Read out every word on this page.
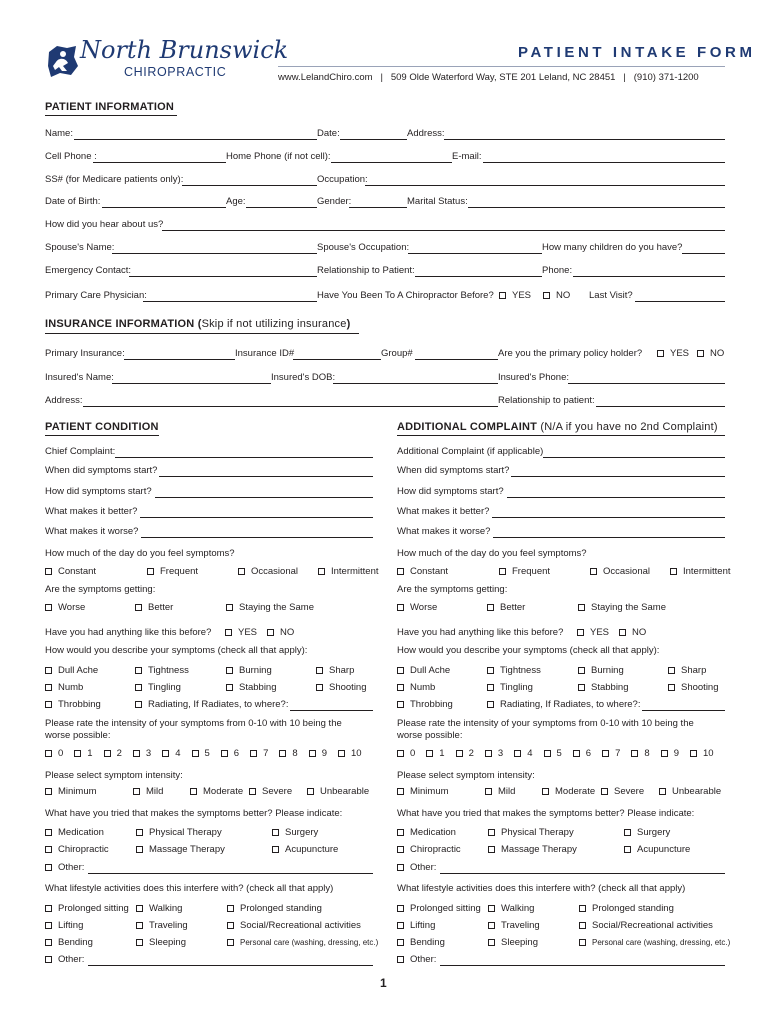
North Brunswick
CHIROPRACTIC
PATIENT INTAKE FORM
www.LelandChiro.com | 509 Olde Waterford Way, STE 201 Leland, NC 28451 | (910) 371-1200
PATIENT INFORMATION
Name:	Date:	Address:
Cell Phone :	Home Phone (if not cell):	E-mail:
SS# (for Medicare patients only):	Occupation:
Date of Birth:	Age:	Gender:	Marital Status:
How did you hear about us?
Spouse's Name:	Spouse's Occupation:	How many children do you have?
Emergency Contact:	Relationship to Patient:	Phone:
Primary Care Physician:	Have You Been To A Chiropractor Before?	YES	NO Last Visit?
INSURANCE INFORMATION (Skip if not utilizing insurance)
Primary Insurance:	Insurance ID#	Group#	Are you the primary policy holder?	YES	NO
Insured's Name:	Insured's DOB:	Insured's Phone:
Address:	Relationship to patient:
PATIENT CONDITION
Chief Complaint:
When did symptoms start?
How did symptoms start?
What makes it better?
What makes it worse?
How much of the day do you feel symptoms?
Constant	Frequent	Occasional	Intermittent
Are the symptoms getting:
Worse	Better	Staying the Same
Have you had anything like this before?	YES	NO
How would you describe your symptoms (check all that apply):
Dull Ache	Tightness	Burning	Sharp
Numb	Tingling	Stabbing	Shooting
Throbbing	Radiating, If Radiates, to where?:
Please rate the intensity of your symptoms from 0-10 with 10 being the
worse possible:
0	1	2	3	4	5	6	7	8	9	10
Please select symptom intensity:
Minimum	Mild	Moderate	Severe	Unbearable
What have you tried that makes the symptoms better? Please indicate:
Medication	Physical Therapy	Surgery
Chiropractic	Massage Therapy	Acupuncture
Other:
What lifestyle activities does this interfere with? (check all that apply)
Prolonged sitting	Walking	Prolonged standing
Lifting	Traveling	Social/Recreational activities
Bending	Sleeping	Personal care (washing, dressing, etc.)
Other:
ADDITIONAL COMPLAINT (N/A if you have no 2nd Complaint)
Additional Complaint (if applicable)
When did symptoms start?
How did symptoms start?
What makes it better?
What makes it worse?
How much of the day do you feel symptoms?
Constant	Frequent	Occasional	Intermittent
Are the symptoms getting:
Worse	Better	Staying the Same
Have you had anything like this before?	YES	NO
How would you describe your symptoms (check all that apply):
Dull Ache	Tightness	Burning	Sharp
Numb	Tingling	Stabbing	Shooting
Throbbing	Radiating, If Radiates, to where?:
Please rate the intensity of your symptoms from 0-10 with 10 being the
worse possible:
0	1	2	3	4	5	6	7	8	9	10
Please select symptom intensity:
Minimum	Mild	Moderate	Severe	Unbearable
What have you tried that makes the symptoms better? Please indicate:
Medication	Physical Therapy	Surgery
Chiropractic	Massage Therapy	Acupuncture
Other:
What lifestyle activities does this interfere with? (check all that apply)
Prolonged sitting	Walking	Prolonged standing
Lifting	Traveling	Social/Recreational activities
Bending	Sleeping	Personal care (washing, dressing, etc.)
Other:
1
